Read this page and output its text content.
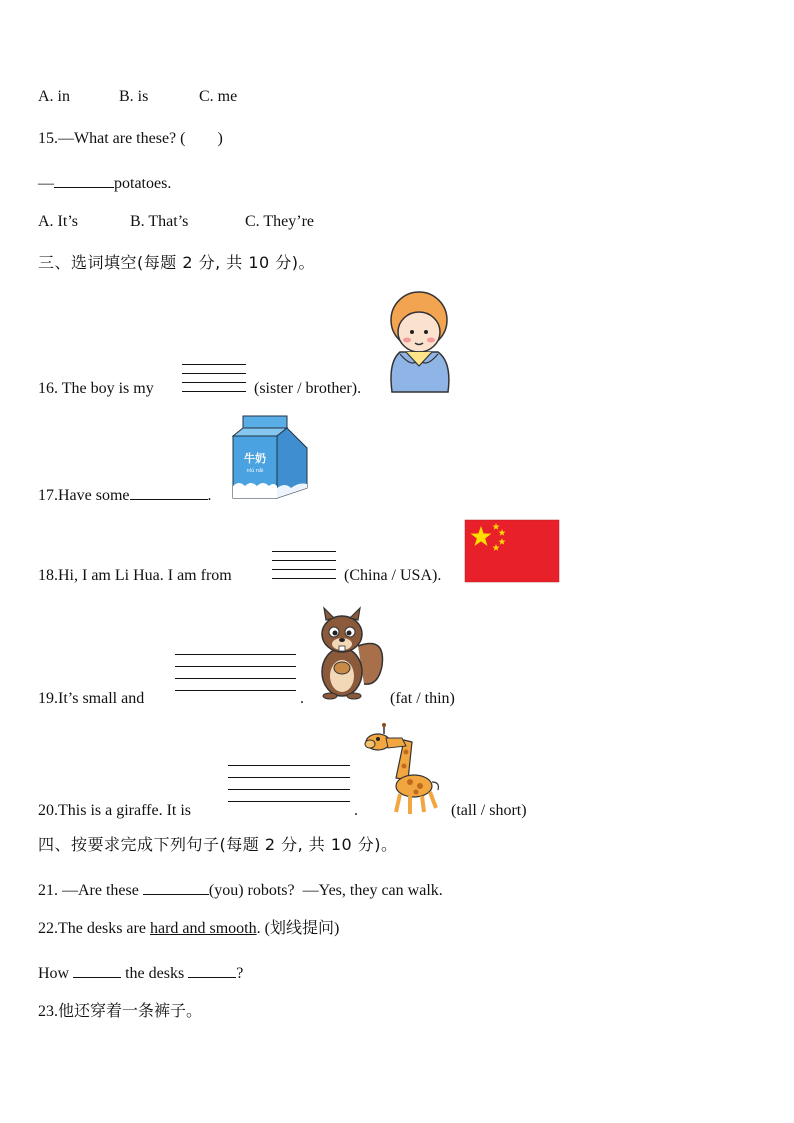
A. in	B. is	C. me
15.—What are these? (　　)
—	potatoes.
A. It’s	B. That’s	C. They’re
三、选词填空(每题 2 分, 共 10 分)。
16. The boy is my	(sister / brother).
17.Have some	.
牛奶
niú nǎi
18.Hi, I am Li Hua. I am from	(China / USA).
19.It’s small and	.	(fat / thin)
20.This is a giraffe. It is	.	(tall / short)
四、按要求完成下列句子(每题 2 分, 共 10 分)。
21. —Are these	(you) robots? —Yes, they can walk.
22.The desks are hard and smooth. (划线提问)
How	the desks	?
23.他还穿着一条裤子。
